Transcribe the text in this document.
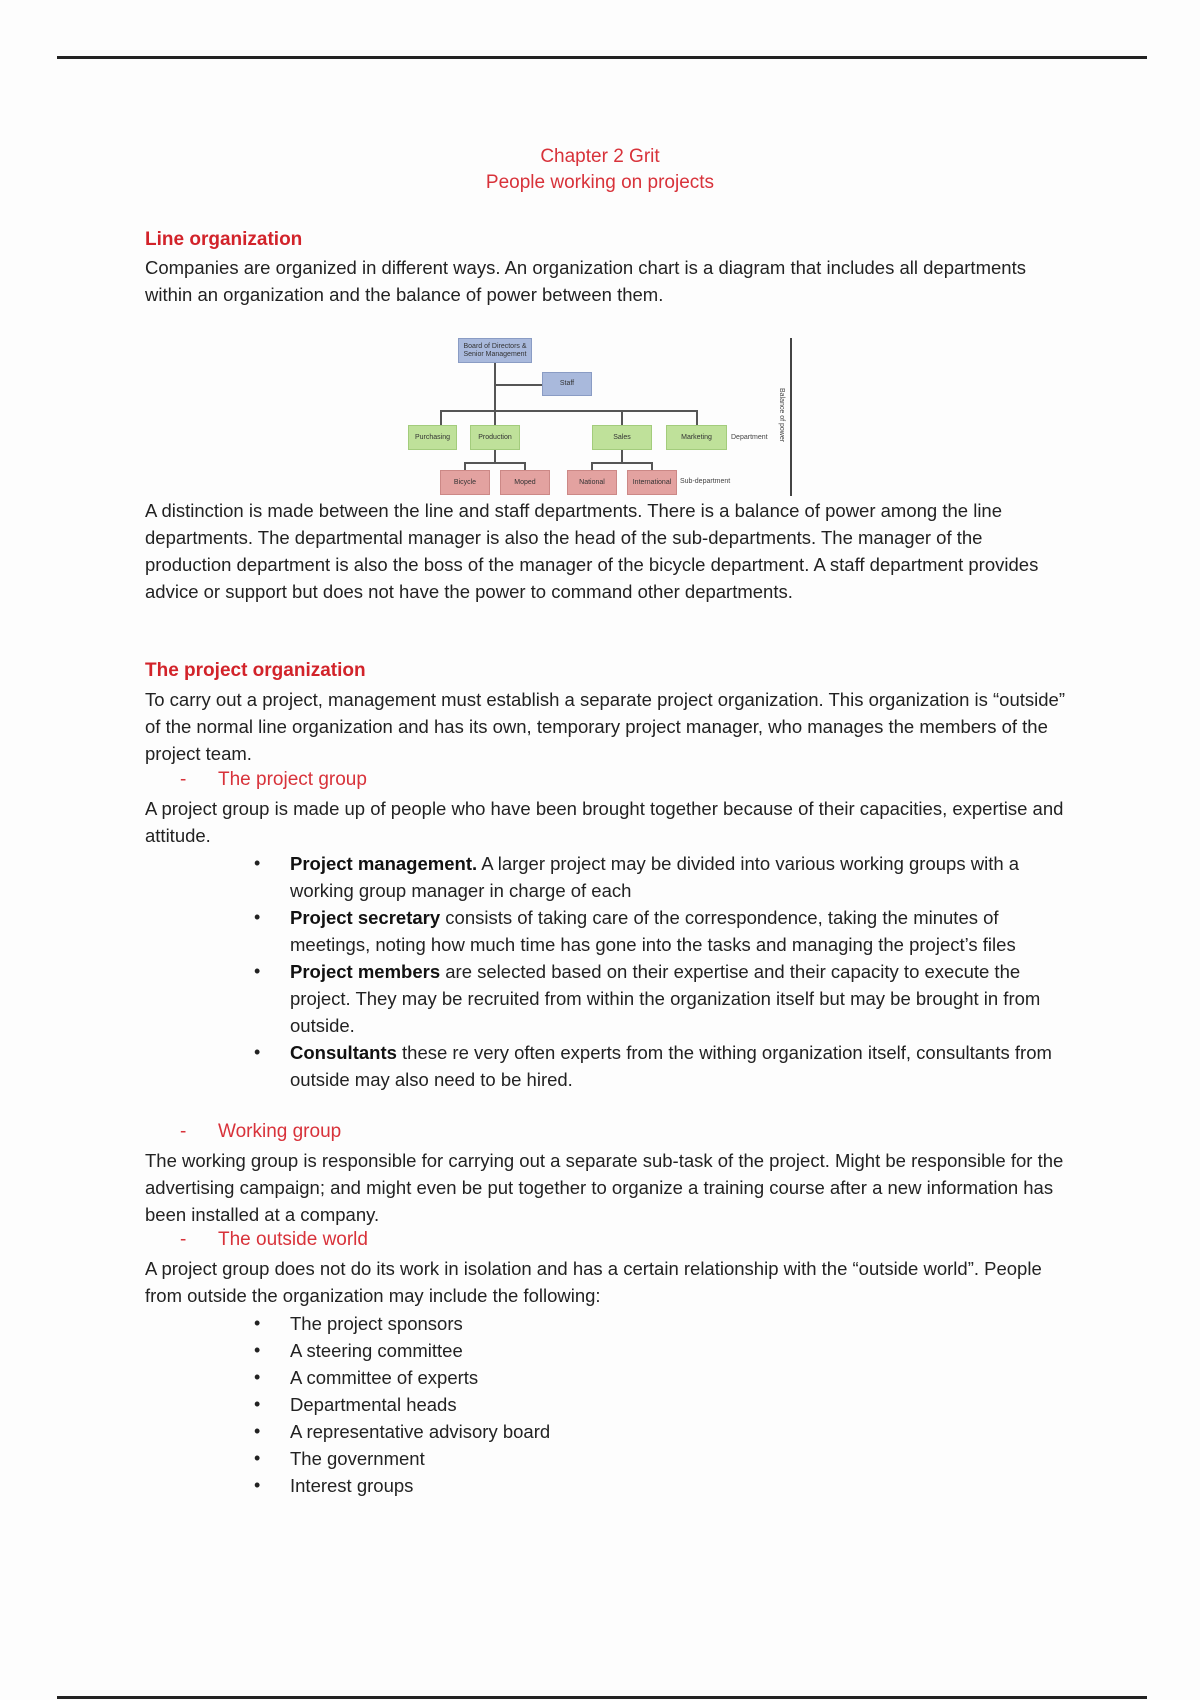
Chapter 2 Grit
People working on projects
Line organization
Companies are organized in different ways. An organization chart is a diagram that includes all departments within an organization and the balance of power between them.
Board of Directors & Senior Management
Staff
Purchasing	Production	Sales	Marketing
Bicycle	Moped	National	International
Department
Sub-department
Balance of power
A distinction is made between the line and staff departments. There is a balance of power among the line departments. The departmental manager is also the head of the sub-departments. The manager of the production department is also the boss of the manager of the bicycle department. A staff department provides advice or support but does not have the power to command other departments.
The project organization
To carry out a project, management must establish a separate project organization. This organization is “outside” of the normal line organization and has its own, temporary project manager, who manages the members of the project team.
- The project group
A project group is made up of people who have been brought together because of their capacities, expertise and attitude.
• Project management. A larger project may be divided into various working groups with a working group manager in charge of each
• Project secretary consists of taking care of the correspondence, taking the minutes of meetings, noting how much time has gone into the tasks and managing the project’s files
• Project members are selected based on their expertise and their capacity to execute the project. They may be recruited from within the organization itself but may be brought in from outside.
• Consultants these re very often experts from the withing organization itself, consultants from outside may also need to be hired.
- Working group
The working group is responsible for carrying out a separate sub-task of the project. Might be responsible for the advertising campaign; and might even be put together to organize a training course after a new information has been installed at a company.
- The outside world
A project group does not do its work in isolation and has a certain relationship with the “outside world”. People from outside the organization may include the following:
• The project sponsors
• A steering committee
• A committee of experts
• Departmental heads
• A representative advisory board
• The government
• Interest groups
